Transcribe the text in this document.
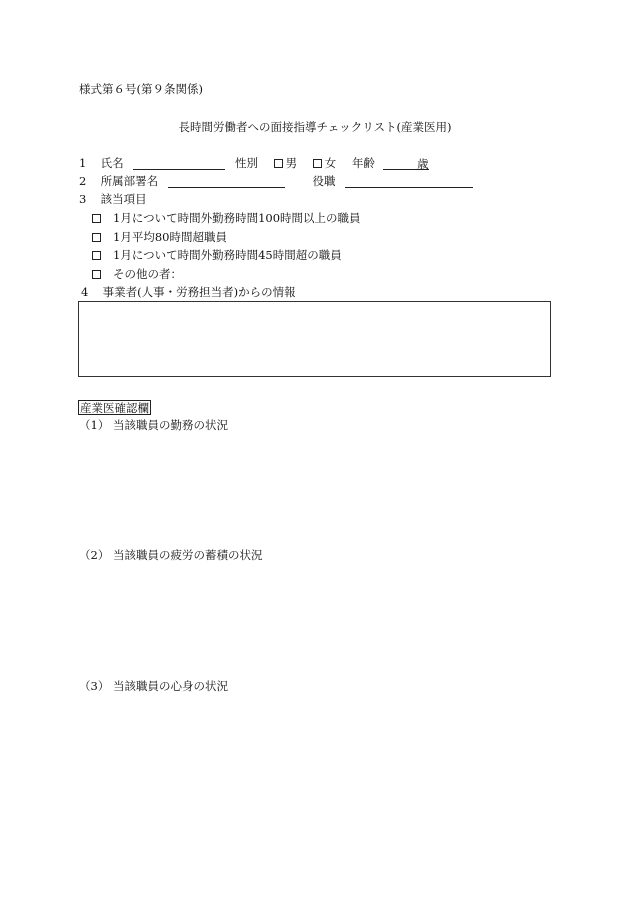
様式第６号(第９条関係)
長時間労働者への面接指導チェックリスト(産業医用)
1 氏名	性別 男 女 年齢	歳
2 所属部署名	役職
3 該当項目
1月について時間外勤務時間100時間以上の職員
1月平均80時間超職員
1月について時間外勤務時間45時間超の職員
その他の者：
4 事業者(人事・労務担当者)からの情報
産業医確認欄
（1） 当該職員の勤務の状況
（2） 当該職員の疲労の蓄積の状況
（3） 当該職員の心身の状況
